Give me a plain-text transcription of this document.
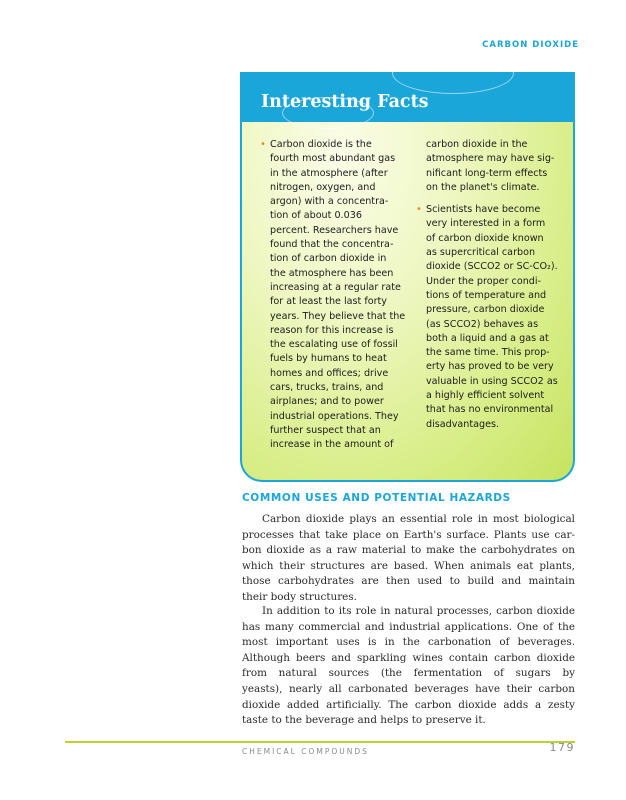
CARBON DIOXIDE
Interesting Facts
• Carbon dioxide is the
fourth most abundant gas
in the atmosphere (after
nitrogen, oxygen, and
argon) with a concentra-
tion of about 0.036
percent. Researchers have
found that the concentra-
tion of carbon dioxide in
the atmosphere has been
increasing at a regular rate
for at least the last forty
years. They believe that the
reason for this increase is
the escalating use of fossil
fuels by humans to heat
homes and offices; drive
cars, trucks, trains, and
airplanes; and to power
industrial operations. They
further suspect that an
increase in the amount of
carbon dioxide in the
atmosphere may have sig-
nificant long-term effects
on the planet's climate.
• Scientists have become
very interested in a form
of carbon dioxide known
as supercritical carbon
dioxide (SCCO2 or SC-CO₂).
Under the proper condi-
tions of temperature and
pressure, carbon dioxide
(as SCCO2) behaves as
both a liquid and a gas at
the same time. This prop-
erty has proved to be very
valuable in using SCCO2 as
a highly efficient solvent
that has no environmental
disadvantages.
COMMON USES AND POTENTIAL HAZARDS
Carbon dioxide plays an essential role in most biological
processes that take place on Earth's surface. Plants use car-
bon dioxide as a raw material to make the carbohydrates on
which their structures are based. When animals eat plants,
those carbohydrates are then used to build and maintain
their body structures.
In addition to its role in natural processes, carbon dioxide
has many commercial and industrial applications. One of the
most important uses is in the carbonation of beverages.
Although beers and sparkling wines contain carbon dioxide
from natural sources (the fermentation of sugars by
yeasts), nearly all carbonated beverages have their carbon
dioxide added artificially. The carbon dioxide adds a zesty
taste to the beverage and helps to preserve it.
CHEMICAL COMPOUNDS	179
